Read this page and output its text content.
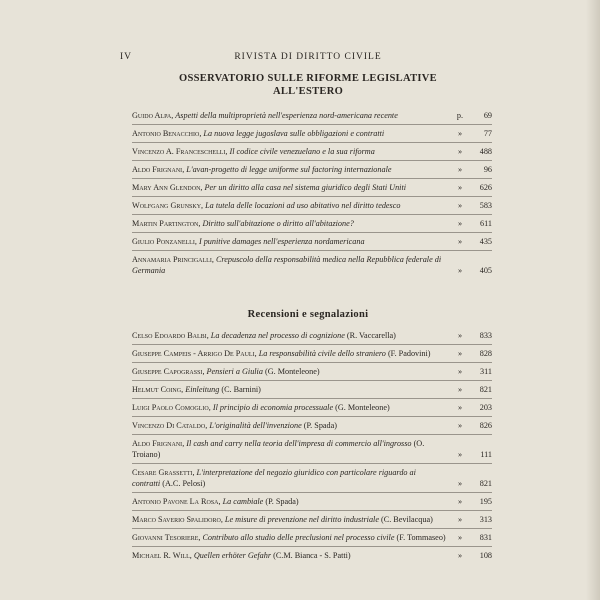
IV	RIVISTA DI DIRITTO CIVILE
OSSERVATORIO SULLE RIFORME LEGISLATIVE
ALL'ESTERO
Guido Alpa, Aspetti della multiproprietà nell'esperienza nord-americana recente	p.	69
Antonio Benacchio, La nuova legge jugoslava sulle obbligazioni e contratti	»	77
Vincenzo A. Franceschelli, Il codice civile venezuelano e la sua riforma	»	488
Aldo Frignani, L'avan-progetto di legge uniforme sul factoring internazionale	»	96
Mary Ann Glendon, Per un diritto alla casa nel sistema giuridico degli Stati Uniti	»	626
Wolfgang Grunsky, La tutela delle locazioni ad uso abitativo nel diritto tedesco	»	583
Martin Partington, Diritto sull'abitazione o diritto all'abitazione?	»	611
Giulio Ponzanelli, I punitive damages nell'esperienza nordamericana	»	435
Annamaria Princigalli, Crepuscolo della responsabilità medica nella Repubblica federale di Germania	»	405
Recensioni e segnalazioni
Celso Edoardo Balbi, La decadenza nel processo di cognizione (R. Vaccarella)	»	833
Giuseppe Campeis - Arrigo De Pauli, La responsabilità civile dello straniero (F. Padovini)	»	828
Giuseppe Capograssi, Pensieri a Giulia (G. Monteleone)	»	311
Helmut Coing, Einleitung (C. Barnini)	»	821
Luigi Paolo Comoglio, Il principio di economia processuale (G. Monteleone)	»	203
Vincenzo Di Cataldo, L'originalità dell'invenzione (P. Spada)	»	826
Aldo Frignani, Il cash and carry nella teoria dell'impresa di commercio all'ingrosso (O. Troiano)	»	111
Cesare Grassetti, L'interpretazione del negozio giuridico con particolare riguardo ai contratti (A.C. Pelosi)	»	821
Antonio Pavone La Rosa, La cambiale (P. Spada)	»	195
Marco Saverio Spalidoro, Le misure di prevenzione nel diritto industriale (C. Bevilacqua)	»	313
Giovanni Tesoriere, Contributo allo studio delle preclusioni nel processo civile (F. Tommaseo)	»	831
Michael R. Will, Quellen erhöter Gefahr (C.M. Bianca - S. Patti)	»	108
